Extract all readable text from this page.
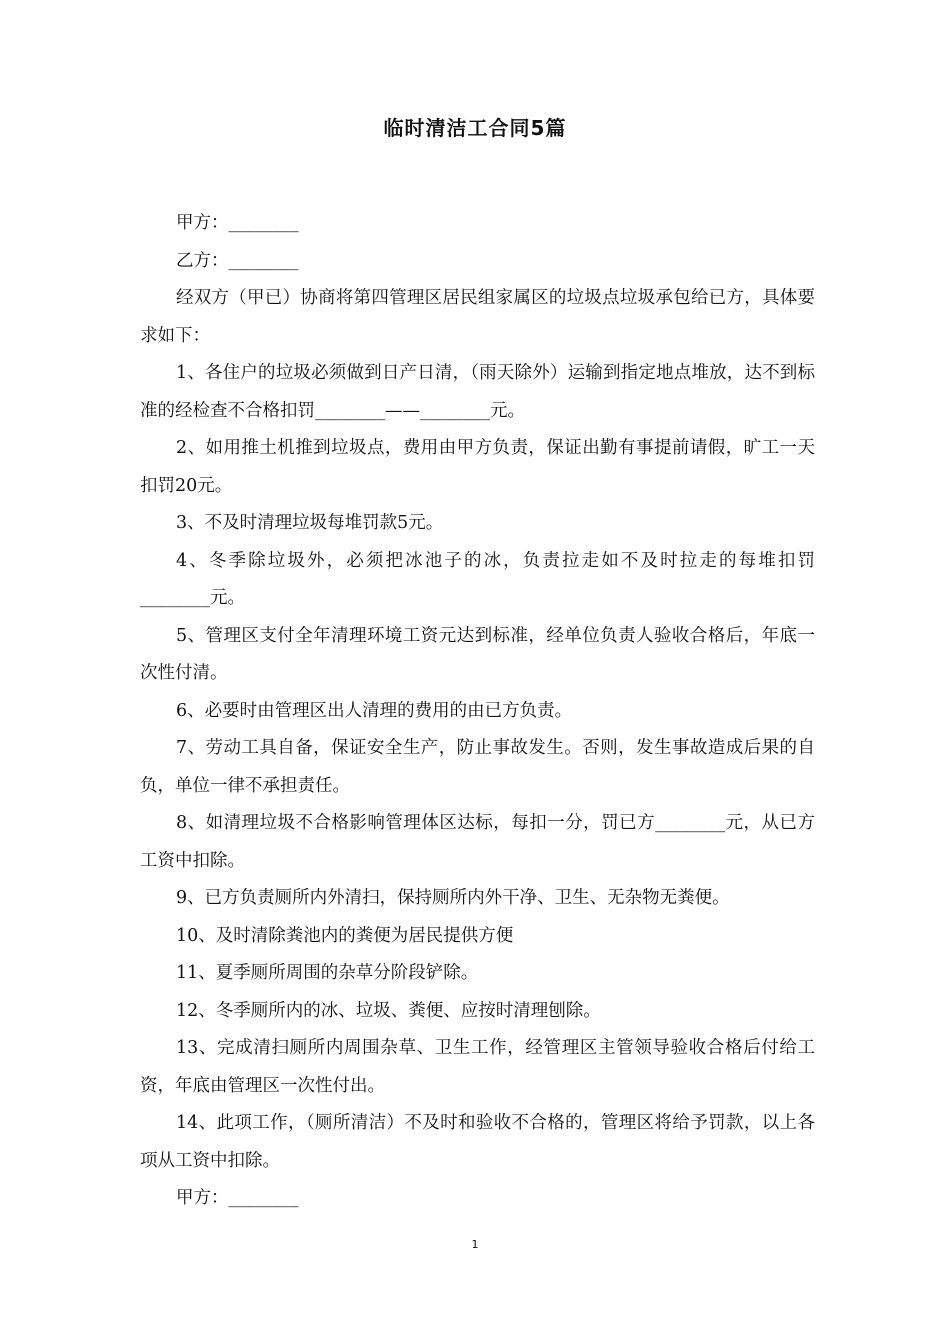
临时清洁工合同5篇

甲方：________

乙方：________

经双方（甲已）协商将第四管理区居民组家属区的垃圾点垃圾承包给已方，具体要求如下：

1、各住户的垃圾必须做到日产日清，（雨天除外）运输到指定地点堆放，达不到标准的经检查不合格扣罚________——________元。

2、如用推土机推到垃圾点，费用由甲方负责，保证出勤有事提前请假，旷工一天扣罚20元。

3、不及时清理垃圾每堆罚款5元。

4、冬季除垃圾外，必须把冰池子的冰，负责拉走如不及时拉走的每堆扣罚________元。

5、管理区支付全年清理环境工资元达到标准，经单位负责人验收合格后，年底一次性付清。

6、必要时由管理区出人清理的费用的由已方负责。

7、劳动工具自备，保证安全生产，防止事故发生。否则，发生事故造成后果的自负，单位一律不承担责任。

8、如清理垃圾不合格影响管理体区达标，每扣一分，罚已方________元，从已方工资中扣除。

9、已方负责厕所内外清扫，保持厕所内外干净、卫生、无杂物无粪便。

10、及时清除粪池内的粪便为居民提供方便

11、夏季厕所周围的杂草分阶段铲除。

12、冬季厕所内的冰、垃圾、粪便、应按时清理刨除。

13、完成清扫厕所内周围杂草、卫生工作，经管理区主管领导验收合格后付给工资，年底由管理区一次性付出。

14、此项工作，（厕所清洁）不及时和验收不合格的，管理区将给予罚款，以上各项从工资中扣除。

甲方：________

1
